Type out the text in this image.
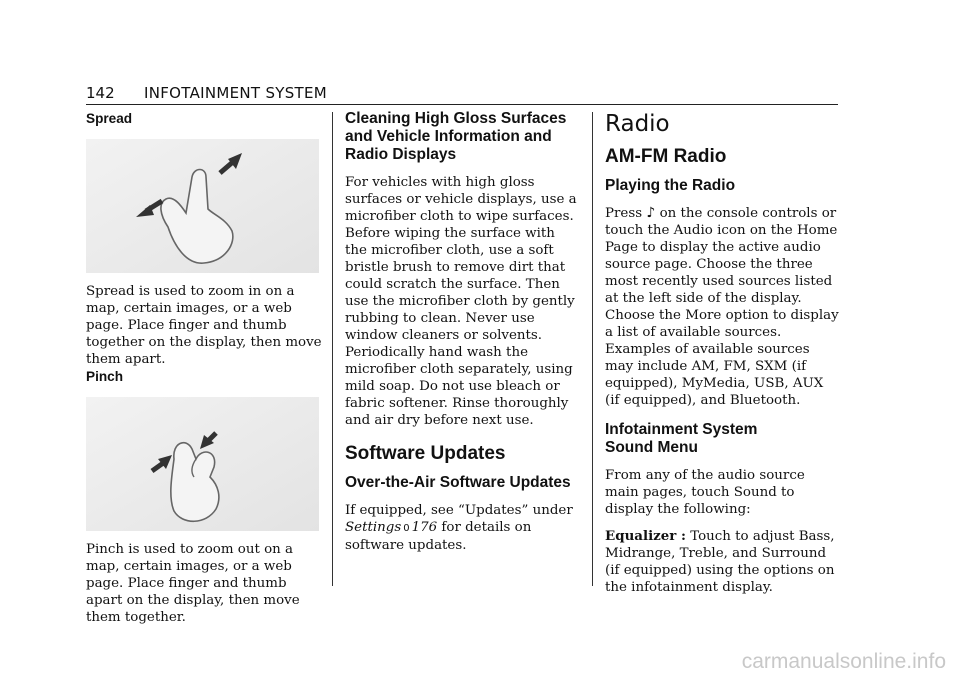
142 INFOTAINMENT SYSTEM

Spread

Spread is used to zoom in on a map, certain images, or a web page. Place finger and thumb together on the display, then move them apart.

Pinch

Pinch is used to zoom out on a map, certain images, or a web page. Place finger and thumb apart on the display, then move them together.

Cleaning High Gloss Surfaces and Vehicle Information and Radio Displays

For vehicles with high gloss surfaces or vehicle displays, use a microfiber cloth to wipe surfaces. Before wiping the surface with the microfiber cloth, use a soft bristle brush to remove dirt that could scratch the surface. Then use the microfiber cloth by gently rubbing to clean. Never use window cleaners or solvents. Periodically hand wash the microfiber cloth separately, using mild soap. Do not use bleach or fabric softener. Rinse thoroughly and air dry before next use.

Software Updates

Over-the-Air Software Updates

If equipped, see “Updates” under
Settings 0 176 for details on software updates.

Radio

AM-FM Radio

Playing the Radio

Press ♪ on the console controls or touch the Audio icon on the Home Page to display the active audio source page. Choose the three most recently used sources listed at the left side of the display. Choose the More option to display a list of available sources. Examples of available sources may include AM, FM, SXM (if equipped), MyMedia, USB, AUX (if equipped), and Bluetooth.

Infotainment System
Sound Menu

From any of the audio source main pages, touch Sound to display the following:

Equalizer : Touch to adjust Bass, Midrange, Treble, and Surround (if equipped) using the options on the infotainment display.

carmanualsonline.info
